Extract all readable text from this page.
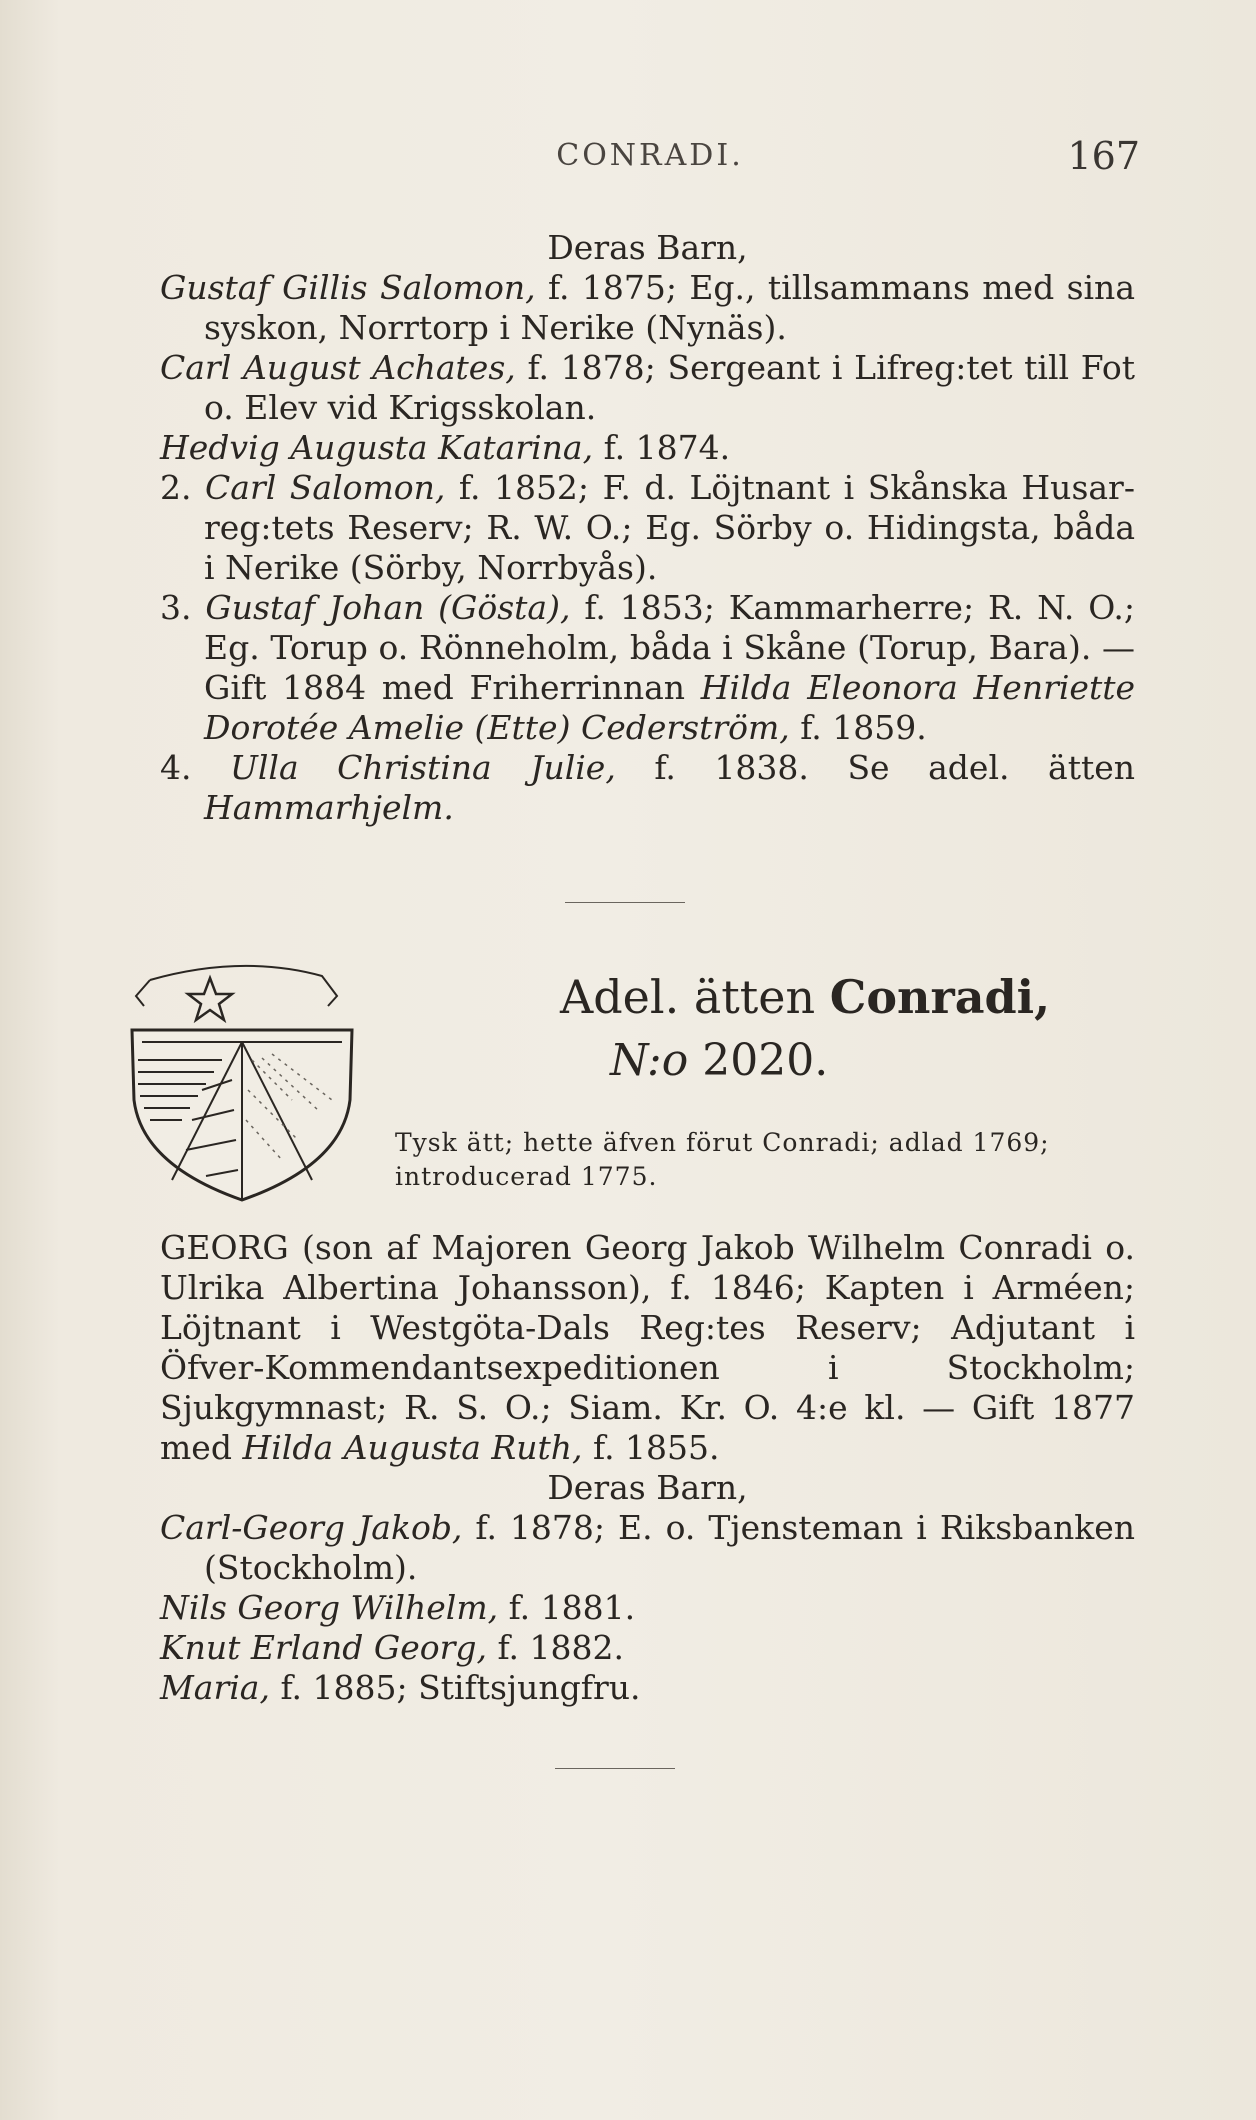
CONRADI.	167

Deras Barn,

Gustaf Gillis Salomon, f. 1875; Eg., tillsammans med sina syskon, Norrtorp i Nerike (Nynäs).

Carl August Achates, f. 1878; Sergeant i Lifreg:tet till Fot o. Elev vid Krigsskolan.

Hedvig Augusta Katarina, f. 1874.

2. Carl Salomon, f. 1852; F. d. Löjtnant i Skånska Husar-reg:tets Reserv; R. W. O.; Eg. Sörby o. Hidingsta, båda i Nerike (Sörby, Norrbyås).

3. Gustaf Johan (Gösta), f. 1853; Kammarherre; R. N. O.; Eg. Torup o. Rönneholm, båda i Skåne (Torup, Bara). — Gift 1884 med Friherrinnan Hilda Eleonora Henriette Dorotée Amelie (Ette) Cederström, f. 1859.

4. Ulla Christina Julie, f. 1838. Se adel. ätten Hammarhjelm.

Adel. ätten Conradi,
N:o 2020.

Tysk ätt; hette äfven förut Conradi; adlad 1769; introducerad 1775.

GEORG (son af Majoren Georg Jakob Wilhelm Conradi o. Ulrika Albertina Johansson), f. 1846; Kapten i Arméen; Löjtnant i Westgöta-Dals Reg:tes Reserv; Adjutant i Öfver-Kommendantsexpeditionen i Stockholm; Sjukgymnast; R. S. O.; Siam. Kr. O. 4:e kl. — Gift 1877 med Hilda Augusta Ruth, f. 1855.

Deras Barn,

Carl-Georg Jakob, f. 1878; E. o. Tjensteman i Riksbanken (Stockholm).

Nils Georg Wilhelm, f. 1881.

Knut Erland Georg, f. 1882.

Maria, f. 1885; Stiftsjungfru.
